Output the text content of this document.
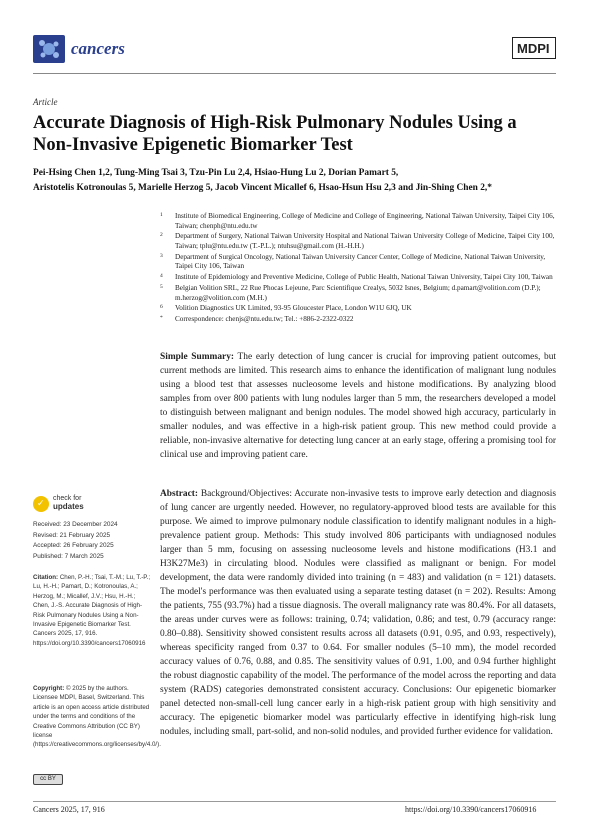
cancers	MDPI
Article
Accurate Diagnosis of High-Risk Pulmonary Nodules Using a Non-Invasive Epigenetic Biomarker Test
Pei-Hsing Chen 1,2, Tung-Ming Tsai 3, Tzu-Pin Lu 2,4, Hsiao-Hung Lu 2, Dorian Pamart 5,
Aristotelis Kotronoulas 5, Marielle Herzog 5, Jacob Vincent Micallef 6, Hsao-Hsun Hsu 2,3 and Jin-Shing Chen 2,*
1 Institute of Biomedical Engineering, College of Medicine and College of Engineering, National Taiwan University, Taipei City 106, Taiwan; chenph@ntu.edu.tw
2 Department of Surgery, National Taiwan University Hospital and National Taiwan University College of Medicine, Taipei City 100, Taiwan; tplu@ntu.edu.tw (T.-P.L.); ntuhsu@gmail.com (H.-H.H.)
3 Department of Surgical Oncology, National Taiwan University Cancer Center, College of Medicine, National Taiwan University, Taipei City 106, Taiwan
4 Institute of Epidemiology and Preventive Medicine, College of Public Health, National Taiwan University, Taipei City 100, Taiwan
5 Belgian Volition SRL, 22 Rue Phocas Lejeune, Parc Scientifique Crealys, 5032 Isnes, Belgium; d.pamart@volition.com (D.P.); m.herzog@volition.com (M.H.)
6 Volition Diagnostics UK Limited, 93-95 Gloucester Place, London W1U 6JQ, UK
* Correspondence: chenjs@ntu.edu.tw; Tel.: +886-2-2322-0322
Simple Summary: The early detection of lung cancer is crucial for improving patient outcomes, but current methods are limited. This research aims to enhance the identification of malignant lung nodules using a blood test that assesses nucleosome levels and histone modifications. By analyzing blood samples from over 800 patients with lung nodules larger than 5 mm, the researchers developed a model to distinguish between malignant and benign nodules. The model showed high accuracy, particularly in smaller nodules, and was effective in a high-risk patient group. This new method could provide a reliable, non-invasive alternative for detecting lung cancer at an early stage, offering a promising tool for clinical use and improving patient care.
Abstract: Background/Objectives: Accurate non-invasive tests to improve early detection and diagnosis of lung cancer are urgently needed. However, no regulatory-approved blood tests are available for this purpose. We aimed to improve pulmonary nodule classification to identify malignant nodules in a high-prevalence patient group. Methods: This study involved 806 participants with undiagnosed nodules larger than 5 mm, focusing on assessing nucleosome levels and histone modifications (H3.1 and H3K27Me3) in circulating blood. Nodules were classified as malignant or benign. For model development, the data were randomly divided into training (n = 483) and validation (n = 121) datasets. The model's performance was then evaluated using a separate testing dataset (n = 202). Results: Among the patients, 755 (93.7%) had a tissue diagnosis. The overall malignancy rate was 80.4%. For all datasets, the areas under curves were as follows: training, 0.74; validation, 0.86; and test, 0.79 (accuracy range: 0.80–0.88). Sensitivity showed consistent results across all datasets (0.91, 0.95, and 0.93, respectively), whereas specificity ranged from 0.37 to 0.64. For smaller nodules (5–10 mm), the model recorded accuracy values of 0.76, 0.88, and 0.85. The sensitivity values of 0.91, 1.00, and 0.94 further highlight the robust diagnostic capability of the model. The performance of the model across the reporting and data system (RADS) categories demonstrated consistent accuracy. Conclusions: Our epigenetic biomarker panel detected non-small-cell lung cancer early in a high-risk patient group with high sensitivity and accuracy. The epigenetic biomarker model was particularly effective in identifying high-risk lung nodules, including small, part-solid, and non-solid nodules, and provided further evidence for validation.
✓
check for
updates
Received: 23 December 2024
Revised: 21 February 2025
Accepted: 26 February 2025
Published: 7 March 2025
Citation: Chen, P.-H.; Tsai, T.-M.; Lu, T.-P.; Lu, H.-H.; Pamart, D.; Kotronoulas, A.; Herzog, M.; Micallef, J.V.; Hsu, H.-H.; Chen, J.-S. Accurate Diagnosis of High-Risk Pulmonary Nodules Using a Non-Invasive Epigenetic Biomarker Test. Cancers 2025, 17, 916. https://doi.org/10.3390/cancers17060916
Copyright: © 2025 by the authors. Licensee MDPI, Basel, Switzerland. This article is an open access article distributed under the terms and conditions of the Creative Commons Attribution (CC BY) license (https://creativecommons.org/licenses/by/4.0/).
cc BY
Cancers 2025, 17, 916	https://doi.org/10.3390/cancers17060916
